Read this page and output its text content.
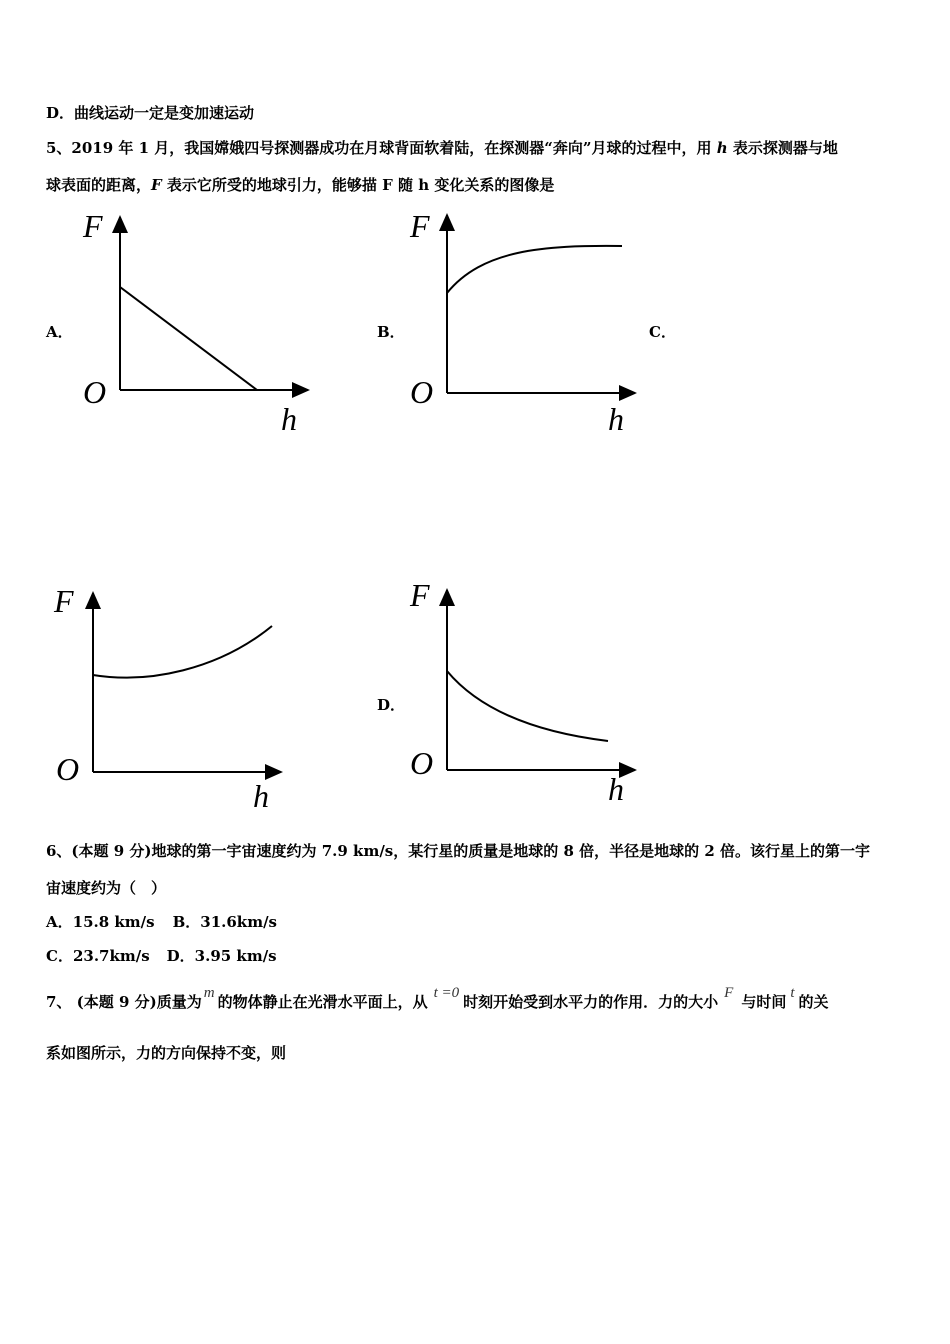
D．曲线运动一定是变加速运动
5、2019 年 1 月，我国嫦娥四号探测器成功在月球背面软着陆，在探测器“奔向”月球的过程中，用 h 表示探测器与地
球表面的距离，F 表示它所受的地球引力，能够描 F 随 h 变化关系的图像是
A．	B．	C．
D．
F
O
h
F
O
h
F
O
h
F
O
h
6、(本题 9 分)地球的第一宇宙速度约为 7.9 km/s，某行星的质量是地球的 8 倍，半径是地球的 2 倍。该行星上的第一宇
宙速度约为（　）
A．15.8 km/s B．31.6km/s
C．23.7km/s D．3.95 km/s
7、 (本题 9 分)质量为 m 的物体静止在光滑水平面上，从 t =0 时刻开始受到水平力的作用．力的大小 F 与时间 t 的关
系如图所示，力的方向保持不变，则
